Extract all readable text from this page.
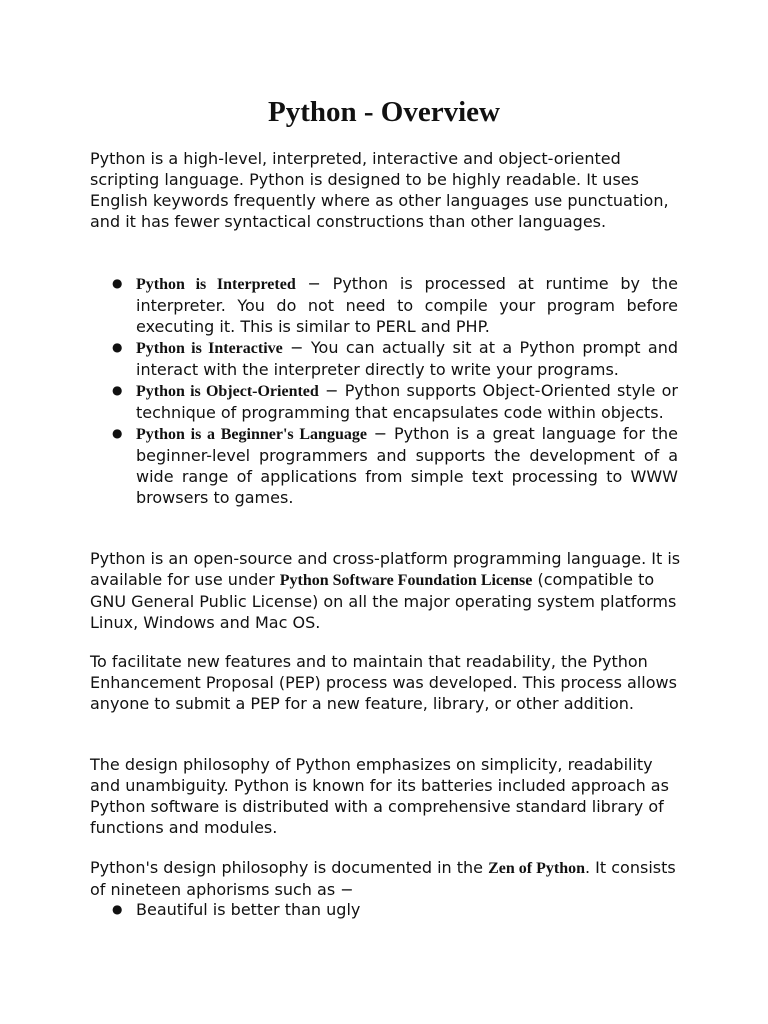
Python - Overview

Python is a high-level, interpreted, interactive and object-oriented scripting language. Python is designed to be highly readable. It uses English keywords frequently where as other languages use punctuation, and it has fewer syntactical constructions than other languages.

● Python is Interpreted − Python is processed at runtime by the interpreter. You do not need to compile your program before executing it. This is similar to PERL and PHP.
● Python is Interactive − You can actually sit at a Python prompt and interact with the interpreter directly to write your programs.
● Python is Object-Oriented − Python supports Object-Oriented style or technique of programming that encapsulates code within objects.
● Python is a Beginner's Language − Python is a great language for the beginner-level programmers and supports the development of a wide range of applications from simple text processing to WWW browsers to games.

Python is an open-source and cross-platform programming language. It is available for use under Python Software Foundation License (compatible to GNU General Public License) on all the major operating system platforms Linux, Windows and Mac OS.

To facilitate new features and to maintain that readability, the Python Enhancement Proposal (PEP) process was developed. This process allows anyone to submit a PEP for a new feature, library, or other addition.

The design philosophy of Python emphasizes on simplicity, readability and unambiguity. Python is known for its batteries included approach as Python software is distributed with a comprehensive standard library of functions and modules.

Python's design philosophy is documented in the Zen of Python. It consists of nineteen aphorisms such as −

● Beautiful is better than ugly
